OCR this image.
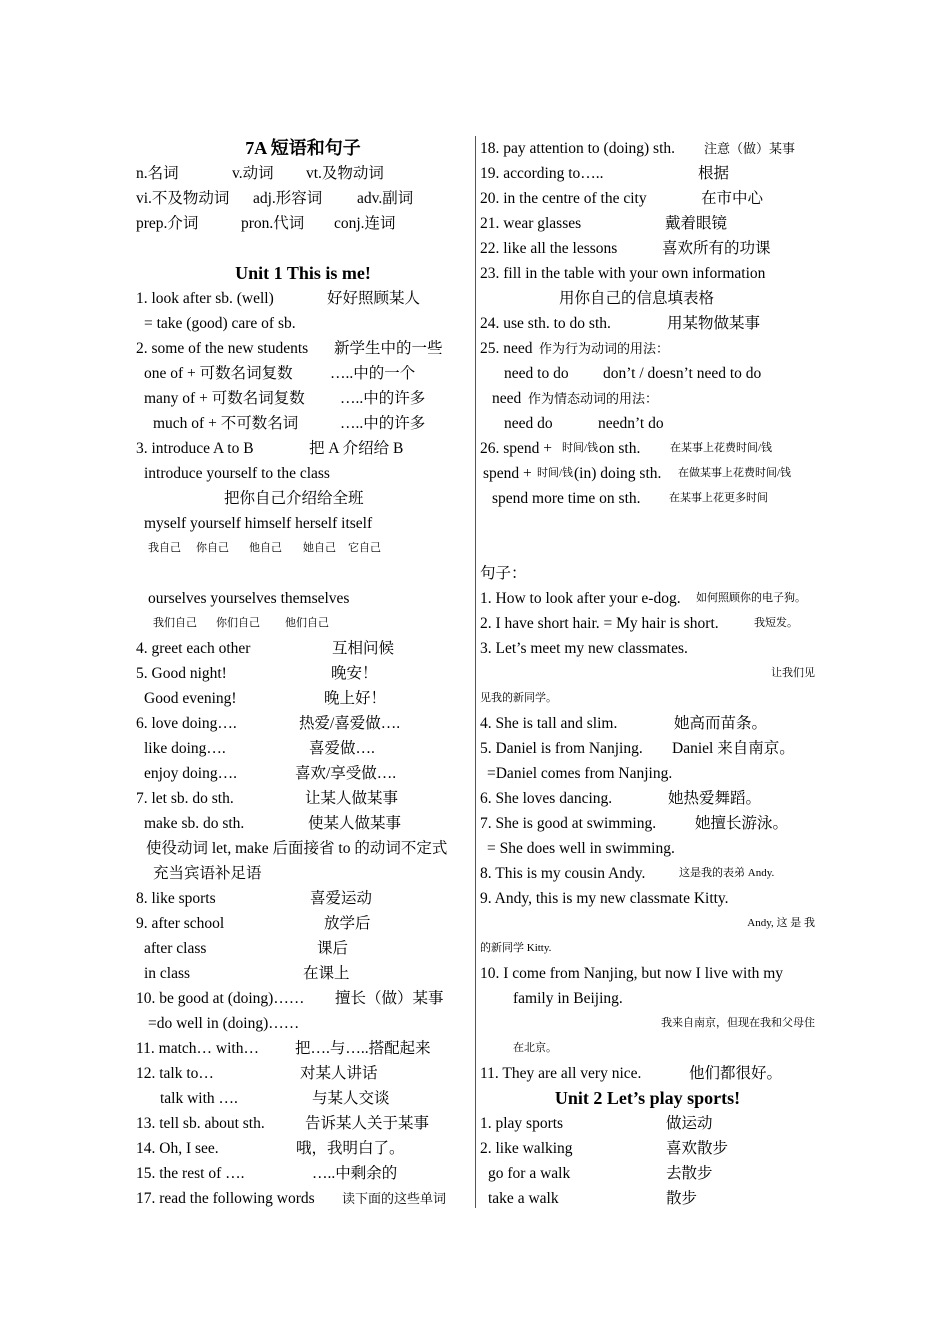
7A 短语和句子
n.名词	v.动词 vt.及物动词
vi.不及物动词 adj.形容词 adv.副词
prep.介词	pron.代词 conj.连词
Unit 1 This is me!
1. look after sb. (well)	好好照顾某人
= take (good) care of sb.
2. some of the new students 新学生中的一些
one of + 可数名词复数 …..中的一个
many of + 可数名词复数 …..中的许多
much of + 不可数名词	…..中的许多
3. introduce A to B	把 A 介绍给 B
introduce yourself to the class
把你自己介绍给全班
myself yourself himself herself itself
我自己 你自己 他自己 她自己 它自己
ourselves yourselves themselves
我们自己 你们自己 他们自己
4. greet each other	互相问候
5. Good night!	晚安！
Good evening!	晚上好！
6. love doing….	热爱/喜爱做….
like doing….	喜爱做….
enjoy doing….	喜欢/享受做….
7. let sb. do sth.	让某人做某事
make sb. do sth.	使某人做某事
使役动词 let, make 后面接省 to 的动词不定式
充当宾语补足语
8. like sports	喜爱运动
9. after school	放学后
after class	课后
in class	在课上
10. be good at (doing)…… 擅长（做）某事
=do well in (doing)……
11. match… with… 把….与…..搭配起来
12. talk to…	对某人讲话
talk with ….	与某人交谈
13. tell sb. about sth.	告诉某人关于某事
14. Oh, I see.	哦，我明白了。
15. the rest of ….	…..中剩余的
17. read the following words 读下面的这些单词
18. pay attention to (doing) sth. 注意（做）某事
19. according to…..	根据
20. in the centre of the city	在市中心
21. wear glasses	戴着眼镜
22. like all the lessons	喜欢所有的功课
23. fill in the table with your own information
用你自己的信息填表格
24. use sth. to do sth.	用某物做某事
25. need 作为行为动词的用法：
need to do don’t / doesn’t need to do
need 作为情态动词的用法：
need do	needn’t do
26. spend + 时间/钱 on sth.	在某事上花费时间/钱
spend + 时间/钱 (in) doing sth. 在做某事上花费时间/钱
spend more time on sth.	在某事上花更多时间
句子：
1. How to look after your e-dog. 如何照顾你的电子狗。
2. I have short hair. = My hair is short.	我短发。
3. Let’s meet my new classmates.
让我们见
见我的新同学。
4. She is tall and slim.	她高而苗条。
5. Daniel is from Nanjing. Daniel 来自南京。
=Daniel comes from Nanjing.
6. She loves dancing.	她热爱舞蹈。
7. She is good at swimming.	她擅长游泳。
= She does well in swimming.
8. This is my cousin Andy.	这是我的表弟 Andy.
9. Andy, this is my new classmate Kitty.
Andy, 这 是 我
的新同学 Kitty.
10. I come from Nanjing, but now I live with my
family in Beijing.
我来自南京，但现在我和父母住
在北京。
11. They are all very nice.	他们都很好。
Unit 2 Let’s play sports!
1. play sports	做运动
2. like walking	喜欢散步
go for a walk	去散步
take a walk	散步
